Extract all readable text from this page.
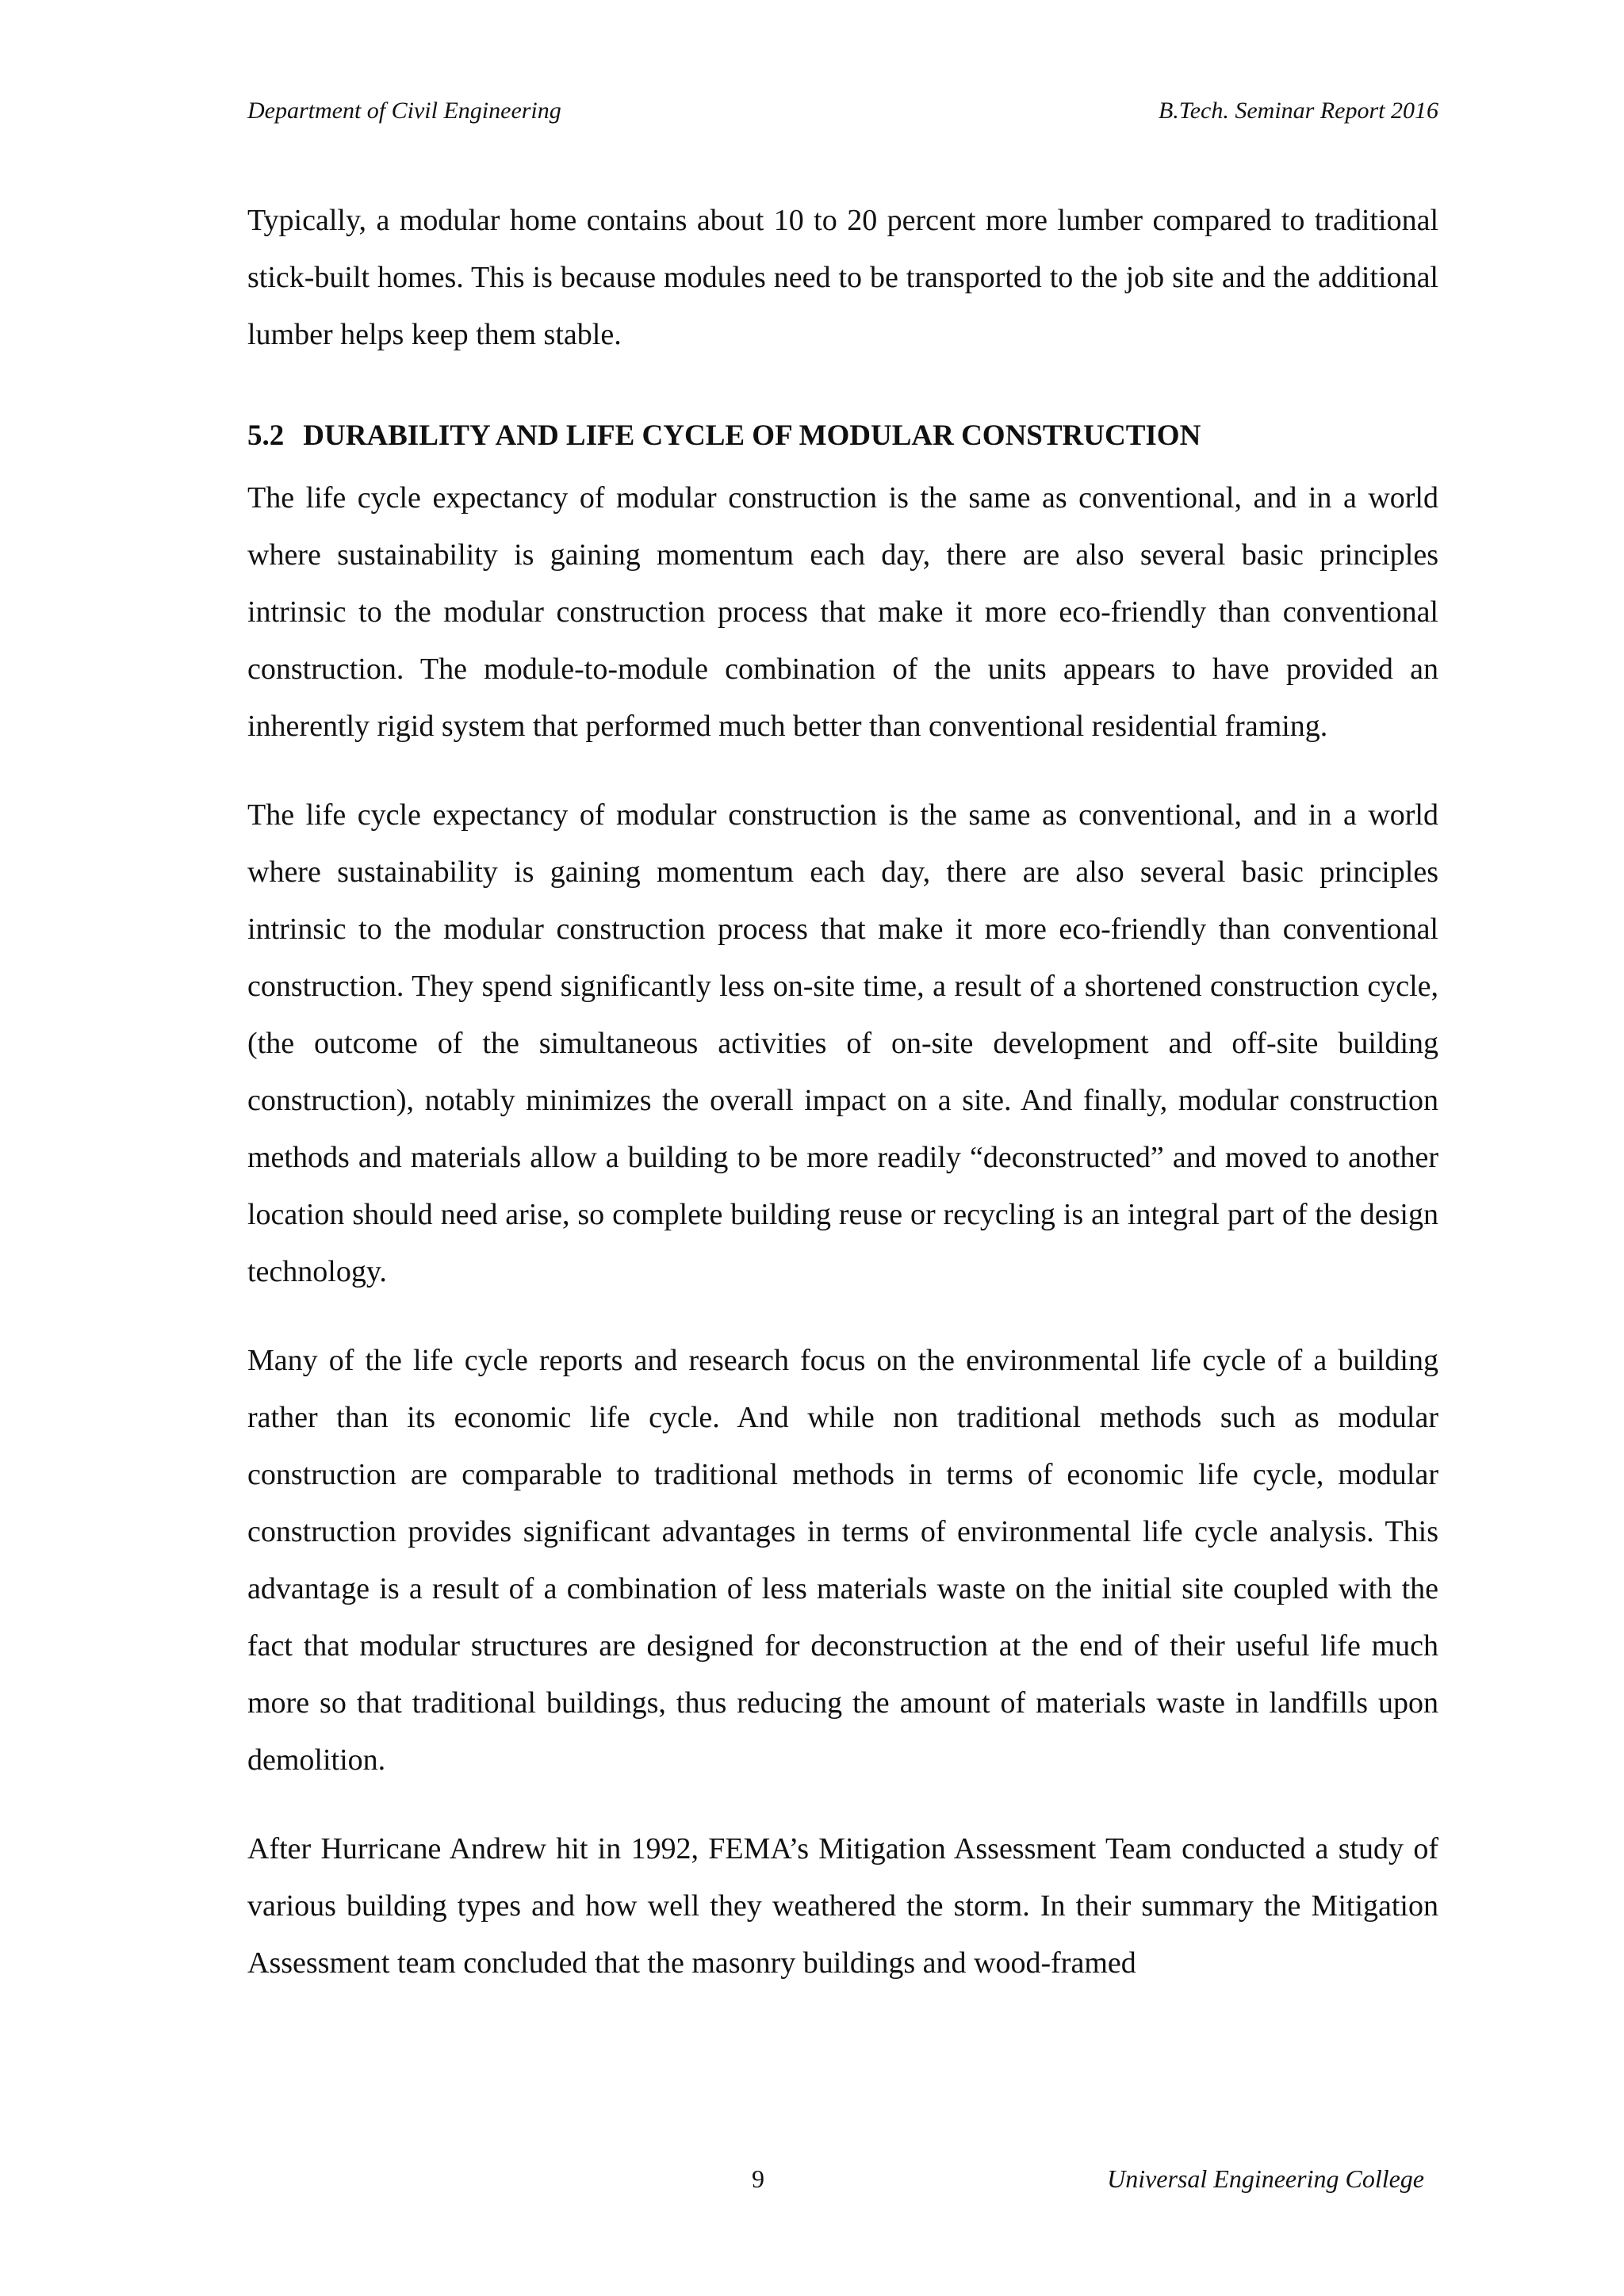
Department of Civil Engineering	B.Tech. Seminar Report 2016

Typically, a modular home contains about 10 to 20 percent more lumber compared to traditional stick-built homes. This is because modules need to be transported to the job site and the additional lumber helps keep them stable.

5.2 DURABILITY AND LIFE CYCLE OF MODULAR CONSTRUCTION

The life cycle expectancy of modular construction is the same as conventional, and in a world where sustainability is gaining momentum each day, there are also several basic principles intrinsic to the modular construction process that make it more eco-friendly than conventional construction. The module-to-module combination of the units appears to have provided an inherently rigid system that performed much better than conventional residential framing.

The life cycle expectancy of modular construction is the same as conventional, and in a world where sustainability is gaining momentum each day, there are also several basic principles intrinsic to the modular construction process that make it more eco-friendly than conventional construction. They spend significantly less on-site time, a result of a shortened construction cycle, (the outcome of the simultaneous activities of on-site development and off-site building construction), notably minimizes the overall impact on a site. And finally, modular construction methods and materials allow a building to be more readily “deconstructed” and moved to another location should need arise, so complete building reuse or recycling is an integral part of the design technology.

Many of the life cycle reports and research focus on the environmental life cycle of a building rather than its economic life cycle. And while non traditional methods such as modular construction are comparable to traditional methods in terms of economic life cycle, modular construction provides significant advantages in terms of environmental life cycle analysis. This advantage is a result of a combination of less materials waste on the initial site coupled with the fact that modular structures are designed for deconstruction at the end of their useful life much more so that traditional buildings, thus reducing the amount of materials waste in landfills upon demolition.

After Hurricane Andrew hit in 1992, FEMA’s Mitigation Assessment Team conducted a study of various building types and how well they weathered the storm. In their summary the Mitigation Assessment team concluded that the masonry buildings and wood-framed

9	Universal Engineering College
